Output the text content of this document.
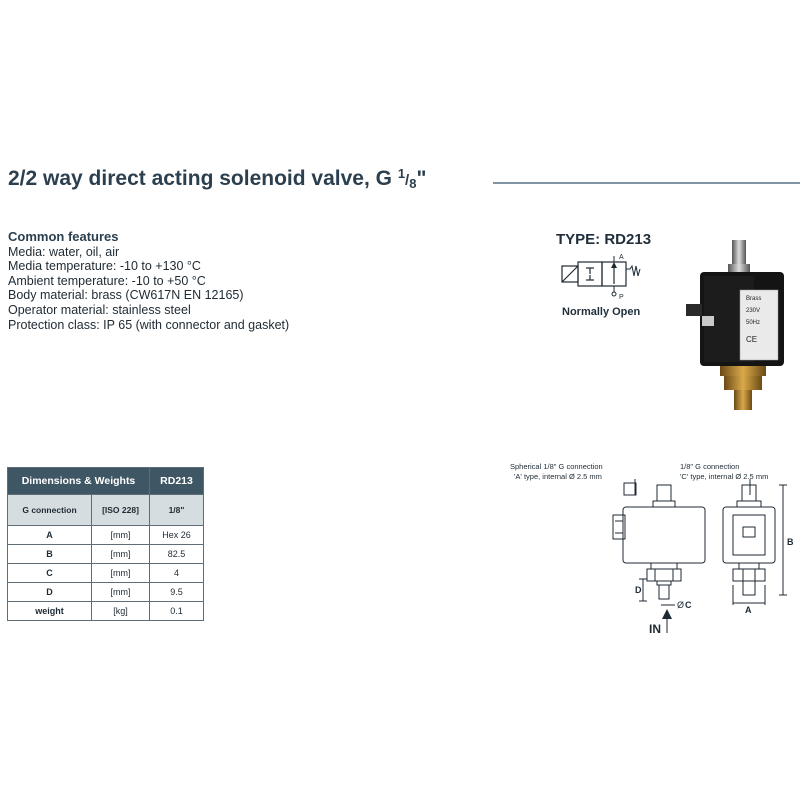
2/2 way direct acting solenoid valve, G $^1/_8$"
Common features
Media: water, oil, air
Media temperature: -10 to +130 °C
Ambient temperature: -10 to +50 °C
Body material: brass (CW617N EN 12165)
Operator material: stainless steel
Protection class: IP 65 (with connector and gasket)
TYPE: RD213
A
P
Normally Open
Brass
230V
50Hz
CE
Dimensions & Weights		RD213
G connection	[ISO 228]	1/8"
A	[mm]	Hex 26
B	[mm]	82.5
C	[mm]	4
D	[mm]	9.5
weight	[kg]	0.1
Spherical 1/8" G connection
'A' type, internal Ø 2.5 mm
1/8" G connection
'C' type, internal Ø 2.5 mm
D
Ø C
IN
A
B
